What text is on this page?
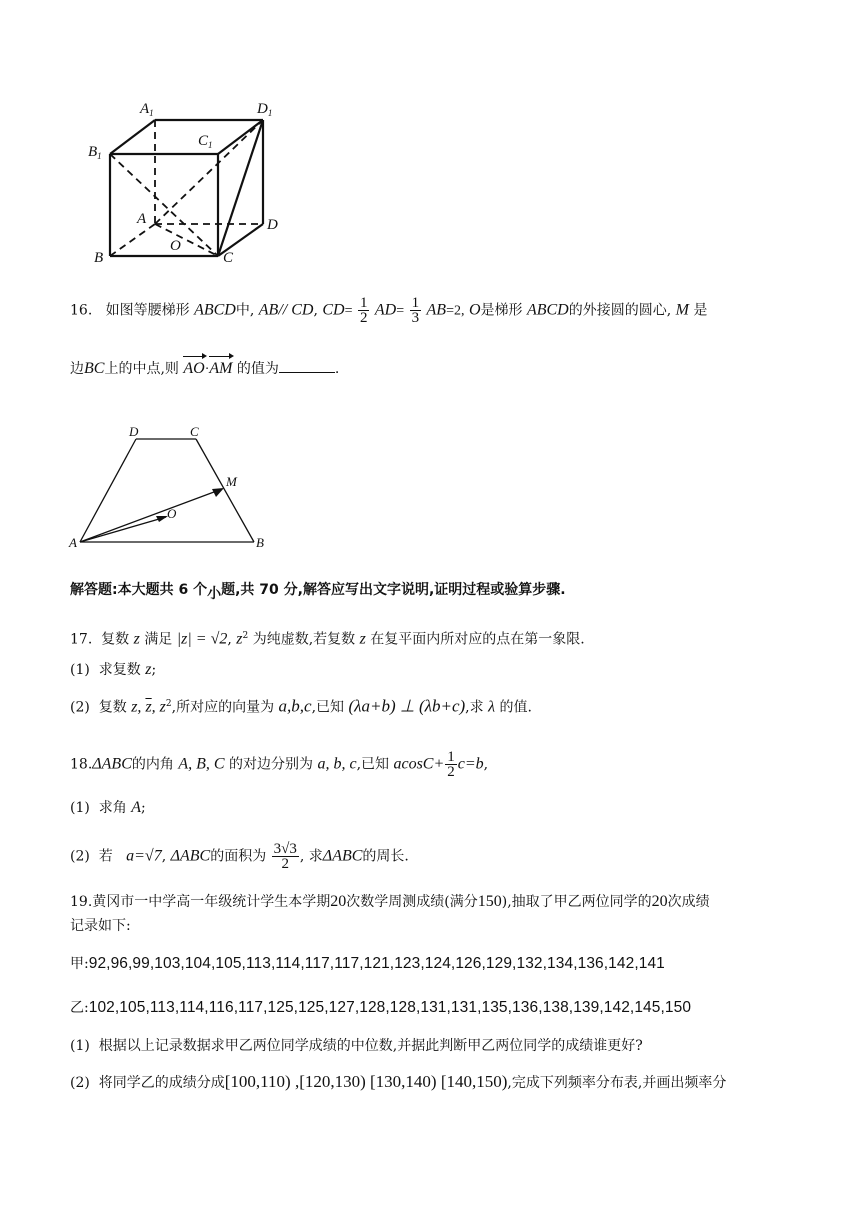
$A_1$	$D_1$
$B_1$
$C_1$
A	D
O
B	C
16. 如图等腰梯形 ABCD中, AB// CD, $CD= \frac{1}{2} AD= \frac{1}{3} AB=2$, O是梯形 ABCD的外接圆的圆心, M 是
边BC上的中点,则 AO·AM 的值为	.
D	C
M
O
A	B
解答题:本大题共 6 个小题,共 70 分,解答应写出文字说明,证明过程或验算步骤.
17. 复数 z 满足 |z| = √2, $z^2$ 为纯虚数,若复数 z 在复平面内所对应的点在第一象限.
(1) 求复数 z;
(2) 复数 z, $\overline{z}$, $z^2$,所对应的向量为 a,b,c,已知 (λa+b) ⊥ (λb+c),求 λ 的值.
18.ΔABC的内角 A, B, C 的对边分别为 a, b, c,已知 $acosC+ \frac{1}{2} c=b$,
(1) 求角 A;
(2) 若 a=√7, ΔABC的面积为 $\frac{3√3}{2}$ , 求ΔABC的周长.
19.黄冈市一中学高一年级统计学生本学期20次数学周测成绩(满分150),抽取了甲乙两位同学的20次成绩
记录如下:
甲:92,96,99,103,104,105,113,114,117,117,121,123,124,126,129,132,134,136,142,141
乙:102,105,113,114,116,117,125,125,127,128,128,131,131,135,136,138,139,142,145,150
(1) 根据以上记录数据求甲乙两位同学成绩的中位数,并据此判断甲乙两位同学的成绩谁更好?
(2) 将同学乙的成绩分成[100,110) ,[120,130) [130,140) [140,150),完成下列频率分布表,并画出频率分
